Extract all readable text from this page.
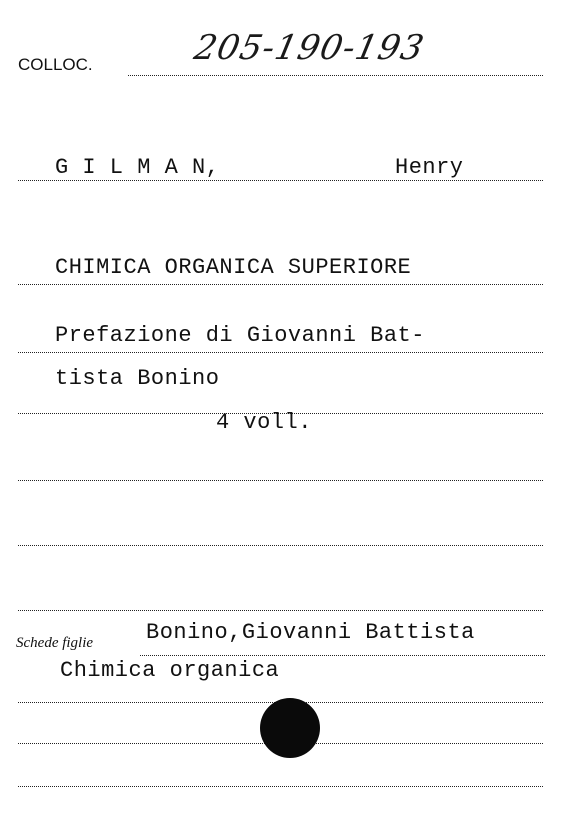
COLLOC.	205-190-193
G I L M A N,	Henry
CHIMICA ORGANICA SUPERIORE
Prefazione di Giovanni Bat-
tista Bonino
4 voll.
Schede figlie Bonino,Giovanni Battista
Chimica organica
